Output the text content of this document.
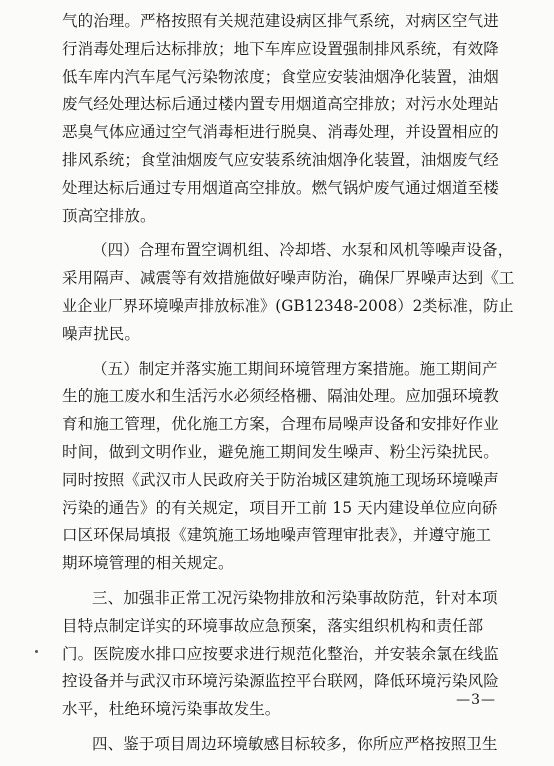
气的治理。严格按照有关规范建设病区排气系统，对病区空气进
行消毒处理后达标排放；地下车库应设置强制排风系统，有效降
低车库内汽车尾气污染物浓度；食堂应安装油烟净化装置，油烟
废气经处理达标后通过楼内置专用烟道高空排放；对污水处理站
恶臭气体应通过空气消毒柜进行脱臭、消毒处理，并设置相应的
排风系统；食堂油烟废气应安装系统油烟净化装置，油烟废气经
处理达标后通过专用烟道高空排放。燃气锅炉废气通过烟道至楼
顶高空排放。
（四）合理布置空调机组、冷却塔、水泵和风机等噪声设备，
采用隔声、减震等有效措施做好噪声防治，确保厂界噪声达到《工
业企业厂界环境噪声排放标准》(GB12348-2008）2类标准，防止
噪声扰民。
（五）制定并落实施工期间环境管理方案措施。施工期间产
生的施工废水和生活污水必须经格栅、隔油处理。应加强环境教
育和施工管理，优化施工方案，合理布局噪声设备和安排好作业
时间，做到文明作业，避免施工期间发生噪声、粉尘污染扰民。
同时按照《武汉市人民政府关于防治城区建筑施工现场环境噪声
污染的通告》的有关规定，项目开工前 15 天内建设单位应向硚
口区环保局填报《建筑施工场地噪声管理审批表》，并遵守施工
期环境管理的相关规定。
三、加强非正常工况污染物排放和污染事故防范，针对本项
目特点制定详实的环境事故应急预案，落实组织机构和责任部
门。医院废水排口应按要求进行规范化整治，并安装余氯在线监
控设备并与武汉市环境污染源监控平台联网，降低环境污染风险
水平，杜绝环境污染事故发生。
四、鉴于项目周边环境敏感目标较多，你所应严格按照卫生
—3—
